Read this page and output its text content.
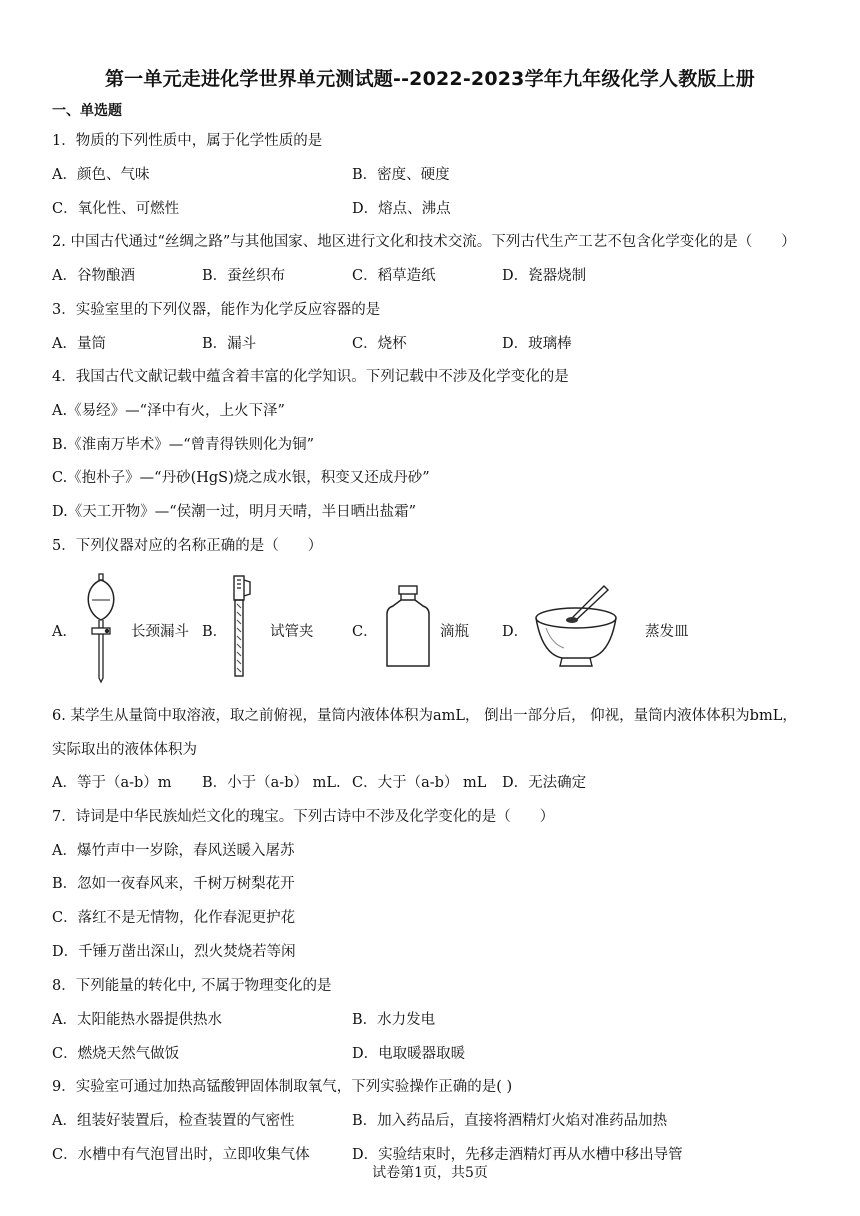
第一单元走进化学世界单元测试题--2022-2023学年九年级化学人教版上册
一、单选题
1．物质的下列性质中，属于化学性质的是
A．颜色、气味	B．密度、硬度
C．氧化性、可燃性	D．熔点、沸点
2. 中国古代通过“丝绸之路”与其他国家、地区进行文化和技术交流。下列古代生产工艺不包含化学变化的是（　　）
A．谷物酿酒	B．蚕丝织布	C．稻草造纸	D．瓷器烧制
3．实验室里的下列仪器，能作为化学反应容器的是
A．量筒	B．漏斗	C．烧杯	D．玻璃棒
4．我国古代文献记载中蕴含着丰富的化学知识。下列记载中不涉及化学变化的是
A.《易经》—“泽中有火，上火下泽”
B.《淮南万毕术》—“曾青得铁则化为铜”
C.《抱朴子》—“丹砂(HgS)烧之成水银，积变又还成丹砂”
D.《天工开物》—“侯潮一过，明月天晴，半日晒出盐霜”
5．下列仪器对应的名称正确的是（　　）
A．	长颈漏斗 B．	试管夹	C．	滴瓶 D．	蒸发皿
6. 某学生从量筒中取溶液，取之前俯视，量筒内液体体积为amL， 倒出一部分后， 仰视，量筒内液体体积为bmL，
实际取出的液体体积为
A．等于（a-b）m B．小于（a-b） mL. C．大于（a-b） mL D．无法确定
7．诗词是中华民族灿烂文化的瑰宝。下列古诗中不涉及化学变化的是（　　）
A．爆竹声中一岁除，春风送暖入屠苏
B．忽如一夜春风来，千树万树梨花开
C．落红不是无情物，化作春泥更护花
D．千锤万凿出深山，烈火焚烧若等闲
8．下列能量的转化中, 不属于物理变化的是
A．太阳能热水器提供热水	B．水力发电
C．燃烧天然气做饭	D．电取暖器取暖
9．实验室可通过加热高锰酸钾固体制取氧气，下列实验操作正确的是( )
A．组装好装置后，检查装置的气密性	B．加入药品后，直接将酒精灯火焰对准药品加热
C．水槽中有气泡冒出时，立即收集气体	D．实验结束时，先移走酒精灯再从水槽中移出导管
试卷第1页，共5页
